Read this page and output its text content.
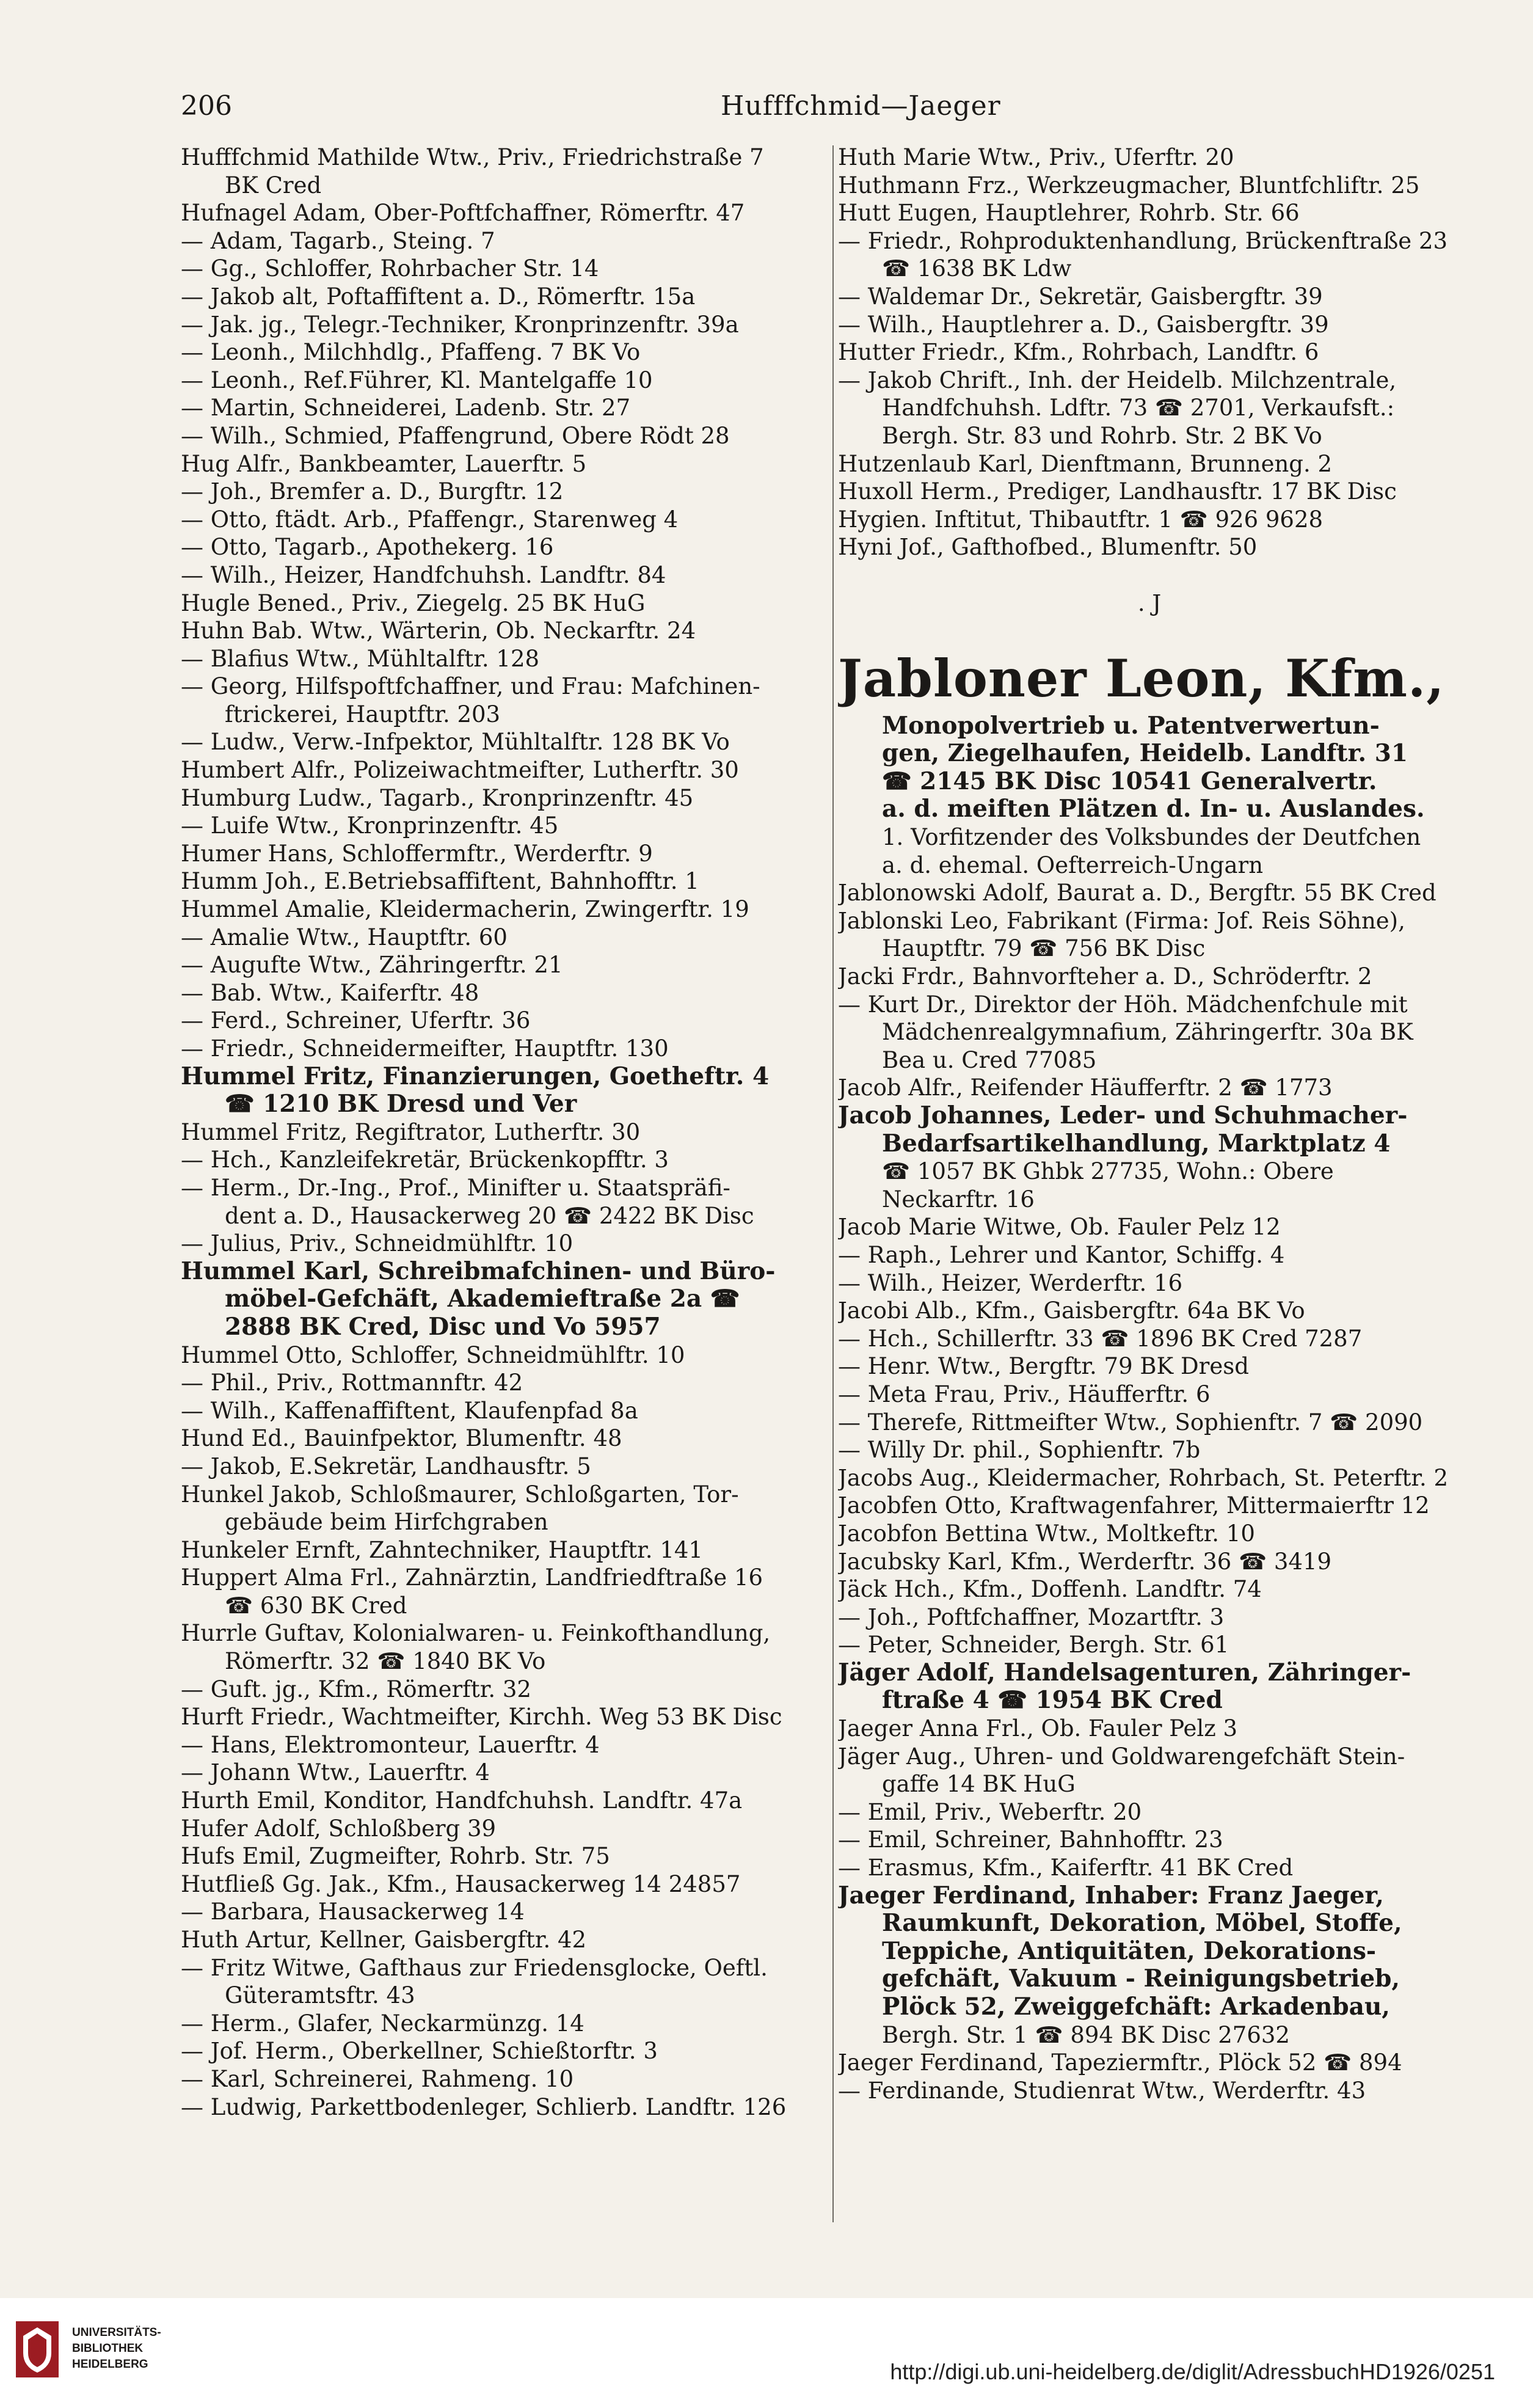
206	Hufffchmid—Jaeger
Hufffchmid Mathilde Wtw., Priv., Friedrichstraße 7
BK Cred
Hufnagel Adam, Ober-Poftfchaffner, Römerftr. 47
— Adam, Tagarb., Steing. 7
— Gg., Schloffer, Rohrbacher Str. 14
— Jakob alt, Poftaffiftent a. D., Römerftr. 15a
— Jak. jg., Telegr.-Techniker, Kronprinzenftr. 39a
— Leonh., Milchhdlg., Pfaffeng. 7 BK Vo
— Leonh., Ref.Führer, Kl. Mantelgaffe 10
— Martin, Schneiderei, Ladenb. Str. 27
— Wilh., Schmied, Pfaffengrund, Obere Rödt 28
Hug Alfr., Bankbeamter, Lauerftr. 5
— Joh., Bremfer a. D., Burgftr. 12
— Otto, ftädt. Arb., Pfaffengr., Starenweg 4
— Otto, Tagarb., Apothekerg. 16
— Wilh., Heizer, Handfchuhsh. Landftr. 84
Hugle Bened., Priv., Ziegelg. 25 BK HuG
Huhn Bab. Wtw., Wärterin, Ob. Neckarftr. 24
— Blafius Wtw., Mühltalftr. 128
— Georg, Hilfspoftfchaffner, und Frau: Mafchinen-
ftrickerei, Hauptftr. 203
— Ludw., Verw.-Infpektor, Mühltalftr. 128 BK Vo
Humbert Alfr., Polizeiwachtmeifter, Lutherftr. 30
Humburg Ludw., Tagarb., Kronprinzenftr. 45
— Luife Wtw., Kronprinzenftr. 45
Humer Hans, Schloffermftr., Werderftr. 9
Humm Joh., E.Betriebsaffiftent, Bahnhofftr. 1
Hummel Amalie, Kleidermacherin, Zwingerftr. 19
— Amalie Wtw., Hauptftr. 60
— Augufte Wtw., Zähringerftr. 21
— Bab. Wtw., Kaiferftr. 48
— Ferd., Schreiner, Uferftr. 36
— Friedr., Schneidermeifter, Hauptftr. 130
Hummel Fritz, Finanzierungen, Goetheftr. 4
☎ 1210 BK Dresd und Ver
Hummel Fritz, Regiftrator, Lutherftr. 30
— Hch., Kanzleifekretär, Brückenkopfftr. 3
— Herm., Dr.-Ing., Prof., Minifter u. Staatspräfi-
dent a. D., Hausackerweg 20 ☎ 2422 BK Disc
— Julius, Priv., Schneidmühlftr. 10
Hummel Karl, Schreibmafchinen- und Büro-
möbel-Gefchäft, Akademieftraße 2a ☎
2888 BK Cred, Disc und Vo 5957
Hummel Otto, Schloffer, Schneidmühlftr. 10
— Phil., Priv., Rottmannftr. 42
— Wilh., Kaffenaffiftent, Klaufenpfad 8a
Hund Ed., Bauinfpektor, Blumenftr. 48
— Jakob, E.Sekretär, Landhausftr. 5
Hunkel Jakob, Schloßmaurer, Schloßgarten, Tor-
gebäude beim Hirfchgraben
Hunkeler Ernft, Zahntechniker, Hauptftr. 141
Huppert Alma Frl., Zahnärztin, Landfriedftraße 16
☎ 630 BK Cred
Hurrle Guftav, Kolonialwaren- u. Feinkofthandlung,
Römerftr. 32 ☎ 1840 BK Vo
— Guft. jg., Kfm., Römerftr. 32
Hurft Friedr., Wachtmeifter, Kirchh. Weg 53 BK Disc
— Hans, Elektromonteur, Lauerftr. 4
— Johann Wtw., Lauerftr. 4
Hurth Emil, Konditor, Handfchuhsh. Landftr. 47a
Hufer Adolf, Schloßberg 39
Hufs Emil, Zugmeifter, Rohrb. Str. 75
Hutfließ Gg. Jak., Kfm., Hausackerweg 14 24857
— Barbara, Hausackerweg 14
Huth Artur, Kellner, Gaisbergftr. 42
— Fritz Witwe, Gafthaus zur Friedensglocke, Oeftl.
Güteramtsftr. 43
— Herm., Glafer, Neckarmünzg. 14
— Jof. Herm., Oberkellner, Schießtorftr. 3
— Karl, Schreinerei, Rahmeng. 10
— Ludwig, Parkettbodenleger, Schlierb. Landftr. 126
Huth Marie Wtw., Priv., Uferftr. 20
Huthmann Frz., Werkzeugmacher, Bluntfchliftr. 25
Hutt Eugen, Hauptlehrer, Rohrb. Str. 66
— Friedr., Rohproduktenhandlung, Brückenftraße 23
☎ 1638 BK Ldw
— Waldemar Dr., Sekretär, Gaisbergftr. 39
— Wilh., Hauptlehrer a. D., Gaisbergftr. 39
Hutter Friedr., Kfm., Rohrbach, Landftr. 6
— Jakob Chrift., Inh. der Heidelb. Milchzentrale,
Handfchuhsh. Ldftr. 73 ☎ 2701, Verkaufsft.:
Bergh. Str. 83 und Rohrb. Str. 2 BK Vo
Hutzenlaub Karl, Dienftmann, Brunneng. 2
Huxoll Herm., Prediger, Landhausftr. 17 BK Disc
Hygien. Inftitut, Thibautftr. 1 ☎ 926 9628
Hyni Jof., Gafthofbed., Blumenftr. 50
. J
Jabloner Leon, Kfm.,
Monopolvertrieb u. Patentverwertun-
gen, Ziegelhaufen, Heidelb. Landftr. 31
☎ 2145 BK Disc 10541 Generalvertr.
a. d. meiften Plätzen d. In- u. Auslandes.
1. Vorfitzender des Volksbundes der Deutfchen
a. d. ehemal. Oefterreich-Ungarn
Jablonowski Adolf, Baurat a. D., Bergftr. 55 BK Cred
Jablonski Leo, Fabrikant (Firma: Jof. Reis Söhne),
Hauptftr. 79 ☎ 756 BK Disc
Jacki Frdr., Bahnvorfteher a. D., Schröderftr. 2
— Kurt Dr., Direktor der Höh. Mädchenfchule mit
Mädchenrealgymnafium, Zähringerftr. 30a BK
Bea u. Cred 77085
Jacob Alfr., Reifender Häufferftr. 2 ☎ 1773
Jacob Johannes, Leder- und Schuhmacher-
Bedarfsartikelhandlung, Marktplatz 4
☎ 1057 BK Ghbk 27735, Wohn.: Obere
Neckarftr. 16
Jacob Marie Witwe, Ob. Fauler Pelz 12
— Raph., Lehrer und Kantor, Schiffg. 4
— Wilh., Heizer, Werderftr. 16
Jacobi Alb., Kfm., Gaisbergftr. 64a BK Vo
— Hch., Schillerftr. 33 ☎ 1896 BK Cred 7287
— Henr. Wtw., Bergftr. 79 BK Dresd
— Meta Frau, Priv., Häufferftr. 6
— Therefe, Rittmeifter Wtw., Sophienftr. 7 ☎ 2090
— Willy Dr. phil., Sophienftr. 7b
Jacobs Aug., Kleidermacher, Rohrbach, St. Peterftr. 2
Jacobfen Otto, Kraftwagenfahrer, Mittermaierftr 12
Jacobfon Bettina Wtw., Moltkeftr. 10
Jacubsky Karl, Kfm., Werderftr. 36 ☎ 3419
Jäck Hch., Kfm., Doffenh. Landftr. 74
— Joh., Poftfchaffner, Mozartftr. 3
— Peter, Schneider, Bergh. Str. 61
Jäger Adolf, Handelsagenturen, Zähringer-
ftraße 4 ☎ 1954 BK Cred
Jaeger Anna Frl., Ob. Fauler Pelz 3
Jäger Aug., Uhren- und Goldwarengefchäft Stein-
gaffe 14 BK HuG
— Emil, Priv., Weberftr. 20
— Emil, Schreiner, Bahnhofftr. 23
— Erasmus, Kfm., Kaiferftr. 41 BK Cred
Jaeger Ferdinand, Inhaber: Franz Jaeger,
Raumkunft, Dekoration, Möbel, Stoffe,
Teppiche, Antiquitäten, Dekorations-
gefchäft, Vakuum - Reinigungsbetrieb,
Plöck 52, Zweiggefchäft: Arkadenbau,
Bergh. Str. 1 ☎ 894 BK Disc 27632
Jaeger Ferdinand, Tapeziermftr., Plöck 52 ☎ 894
— Ferdinande, Studienrat Wtw., Werderftr. 43
UNIVERSITÄTS-
BIBLIOTHEK
HEIDELBERG	http://digi.ub.uni-heidelberg.de/diglit/AdressbuchHD1926/0251
